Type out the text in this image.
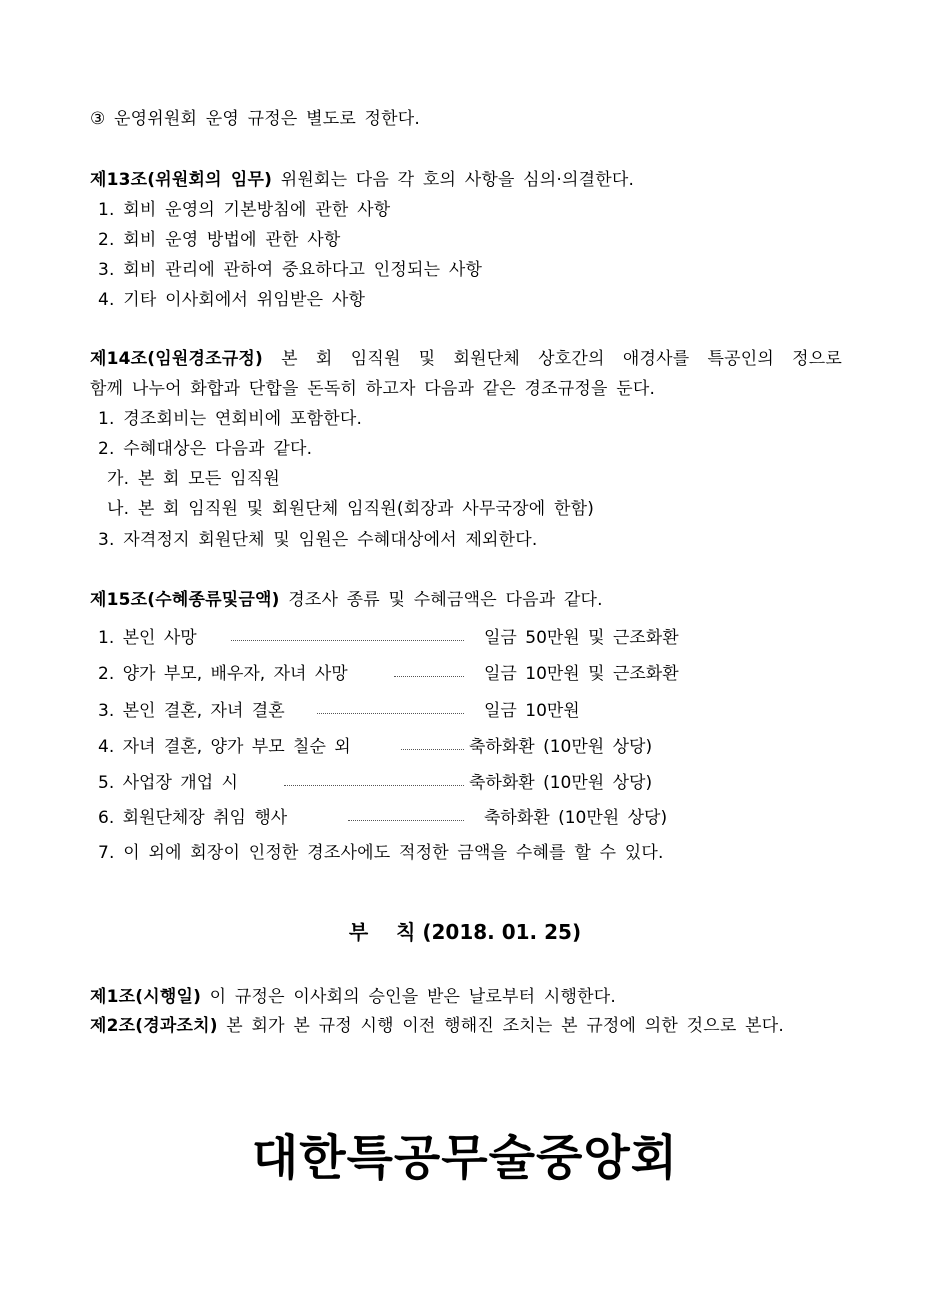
③ 운영위원회 운영 규정은 별도로 정한다.
제13조(위원회의 임무) 위원회는 다음 각 호의 사항을 심의·의결한다.
1. 회비 운영의 기본방침에 관한 사항
2. 회비 운영 방법에 관한 사항
3. 회비 관리에 관하여 중요하다고 인정되는 사항
4. 기타 이사회에서 위임받은 사항
제14조(임원경조규정) 본 회 임직원 및 회원단체 상호간의 애경사를 특공인의 정으로
함께 나누어 화합과 단합을 돈독히 하고자 다음과 같은 경조규정을 둔다.
1. 경조회비는 연회비에 포함한다.
2. 수혜대상은 다음과 같다.
가. 본 회 모든 임직원
나. 본 회 임직원 및 회원단체 임직원(회장과 사무국장에 한함)
3. 자격정지 회원단체 및 임원은 수혜대상에서 제외한다.
제15조(수혜종류및금액) 경조사 종류 및 수혜금액은 다음과 같다.
1. 본인 사망	일금 50만원 및 근조화환
2. 양가 부모, 배우자, 자녀 사망	일금 10만원 및 근조화환
3. 본인 결혼, 자녀 결혼	일금 10만원
4. 자녀 결혼, 양가 부모 칠순 외	축하화환 (10만원 상당)
5. 사업장 개업 시	축하화환 (10만원 상당)
6. 회원단체장 취임 행사	축하화환 (10만원 상당)
7. 이 외에 회장이 인정한 경조사에도 적정한 금액을 수혜를 할 수 있다.
부    칙 (2018. 01. 25)
제1조(시행일) 이 규정은 이사회의 승인을 받은 날로부터 시행한다.
제2조(경과조치) 본 회가 본 규정 시행 이전 행해진 조치는 본 규정에 의한 것으로 본다.
대한특공무술중앙회
